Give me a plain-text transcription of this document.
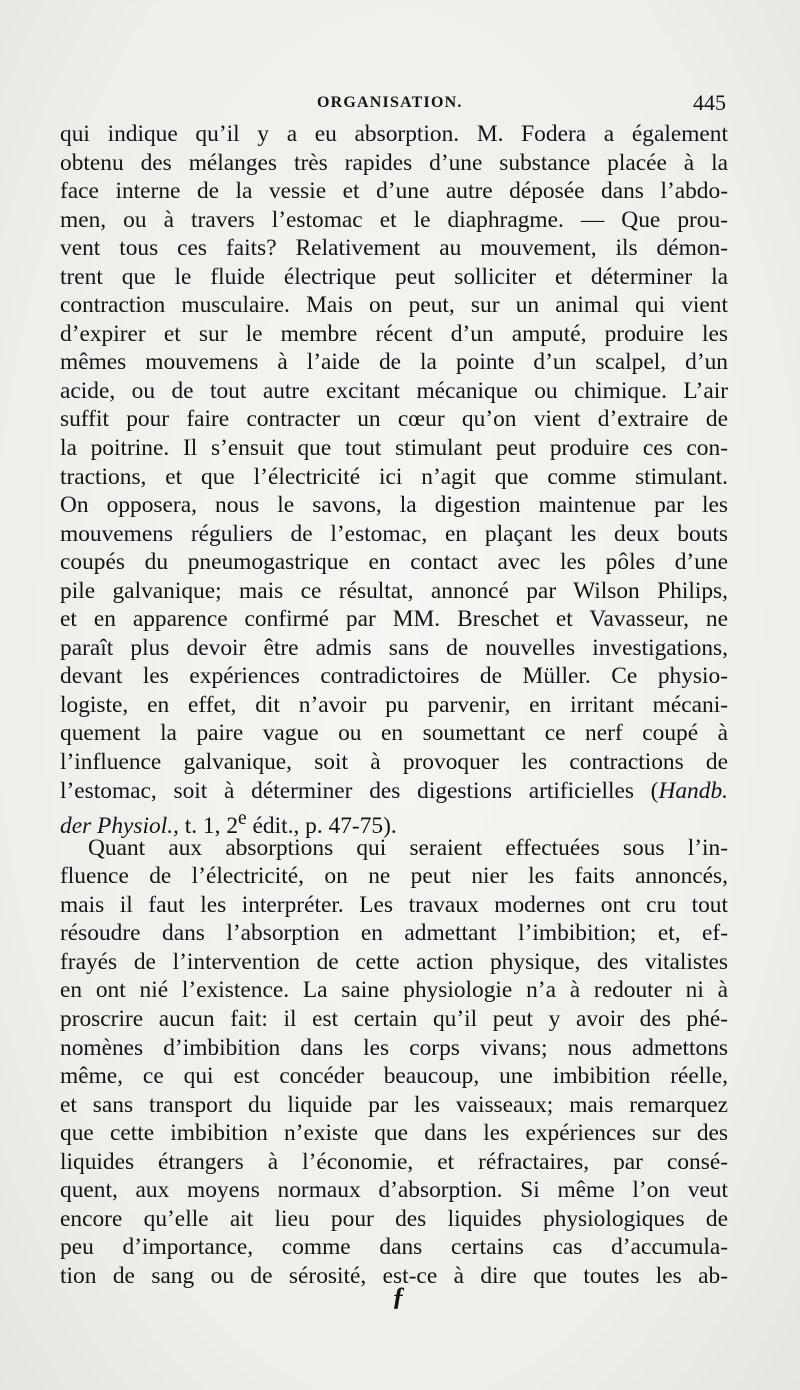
ORGANISATION.	445
qui indique qu’il y a eu absorption. M. Fodera a également
obtenu des mélanges très rapides d’une substance placée à la
face interne de la vessie et d’une autre déposée dans l’abdo-
men, ou à travers l’estomac et le diaphragme. — Que prou-
vent tous ces faits? Relativement au mouvement, ils démon-
trent que le fluide électrique peut solliciter et déterminer la
contraction musculaire. Mais on peut, sur un animal qui vient
d’expirer et sur le membre récent d’un amputé, produire les
mêmes mouvemens à l’aide de la pointe d’un scalpel, d’un
acide, ou de tout autre excitant mécanique ou chimique. L’air
suffit pour faire contracter un cœur qu’on vient d’extraire de
la poitrine. Il s’ensuit que tout stimulant peut produire ces con-
tractions, et que l’électricité ici n’agit que comme stimulant.
On opposera, nous le savons, la digestion maintenue par les
mouvemens réguliers de l’estomac, en plaçant les deux bouts
coupés du pneumogastrique en contact avec les pôles d’une
pile galvanique; mais ce résultat, annoncé par Wilson Philips,
et en apparence confirmé par MM. Breschet et Vavasseur, ne
paraît plus devoir être admis sans de nouvelles investigations,
devant les expériences contradictoires de Müller. Ce physio-
logiste, en effet, dit n’avoir pu parvenir, en irritant mécani-
quement la paire vague ou en soumettant ce nerf coupé à
l’influence galvanique, soit à provoquer les contractions de
l’estomac, soit à déterminer des digestions artificielles (Handb.
der Physiol., t. 1, 2e édit., p. 47-75).
Quant aux absorptions qui seraient effectuées sous l’in-
fluence de l’électricité, on ne peut nier les faits annoncés,
mais il faut les interpréter. Les travaux modernes ont cru tout
résoudre dans l’absorption en admettant l’imbibition; et, ef-
frayés de l’intervention de cette action physique, des vitalistes
en ont nié l’existence. La saine physiologie n’a à redouter ni à
proscrire aucun fait: il est certain qu’il peut y avoir des phé-
nomènes d’imbibition dans les corps vivans; nous admettons
même, ce qui est concéder beaucoup, une imbibition réelle,
et sans transport du liquide par les vaisseaux; mais remarquez
que cette imbibition n’existe que dans les expériences sur des
liquides étrangers à l’économie, et réfractaires, par consé-
quent, aux moyens normaux d’absorption. Si même l’on veut
encore qu’elle ait lieu pour des liquides physiologiques de
peu d’importance, comme dans certains cas d’accumula-
tion de sang ou de sérosité, est-ce à dire que toutes les ab-
ƒ
